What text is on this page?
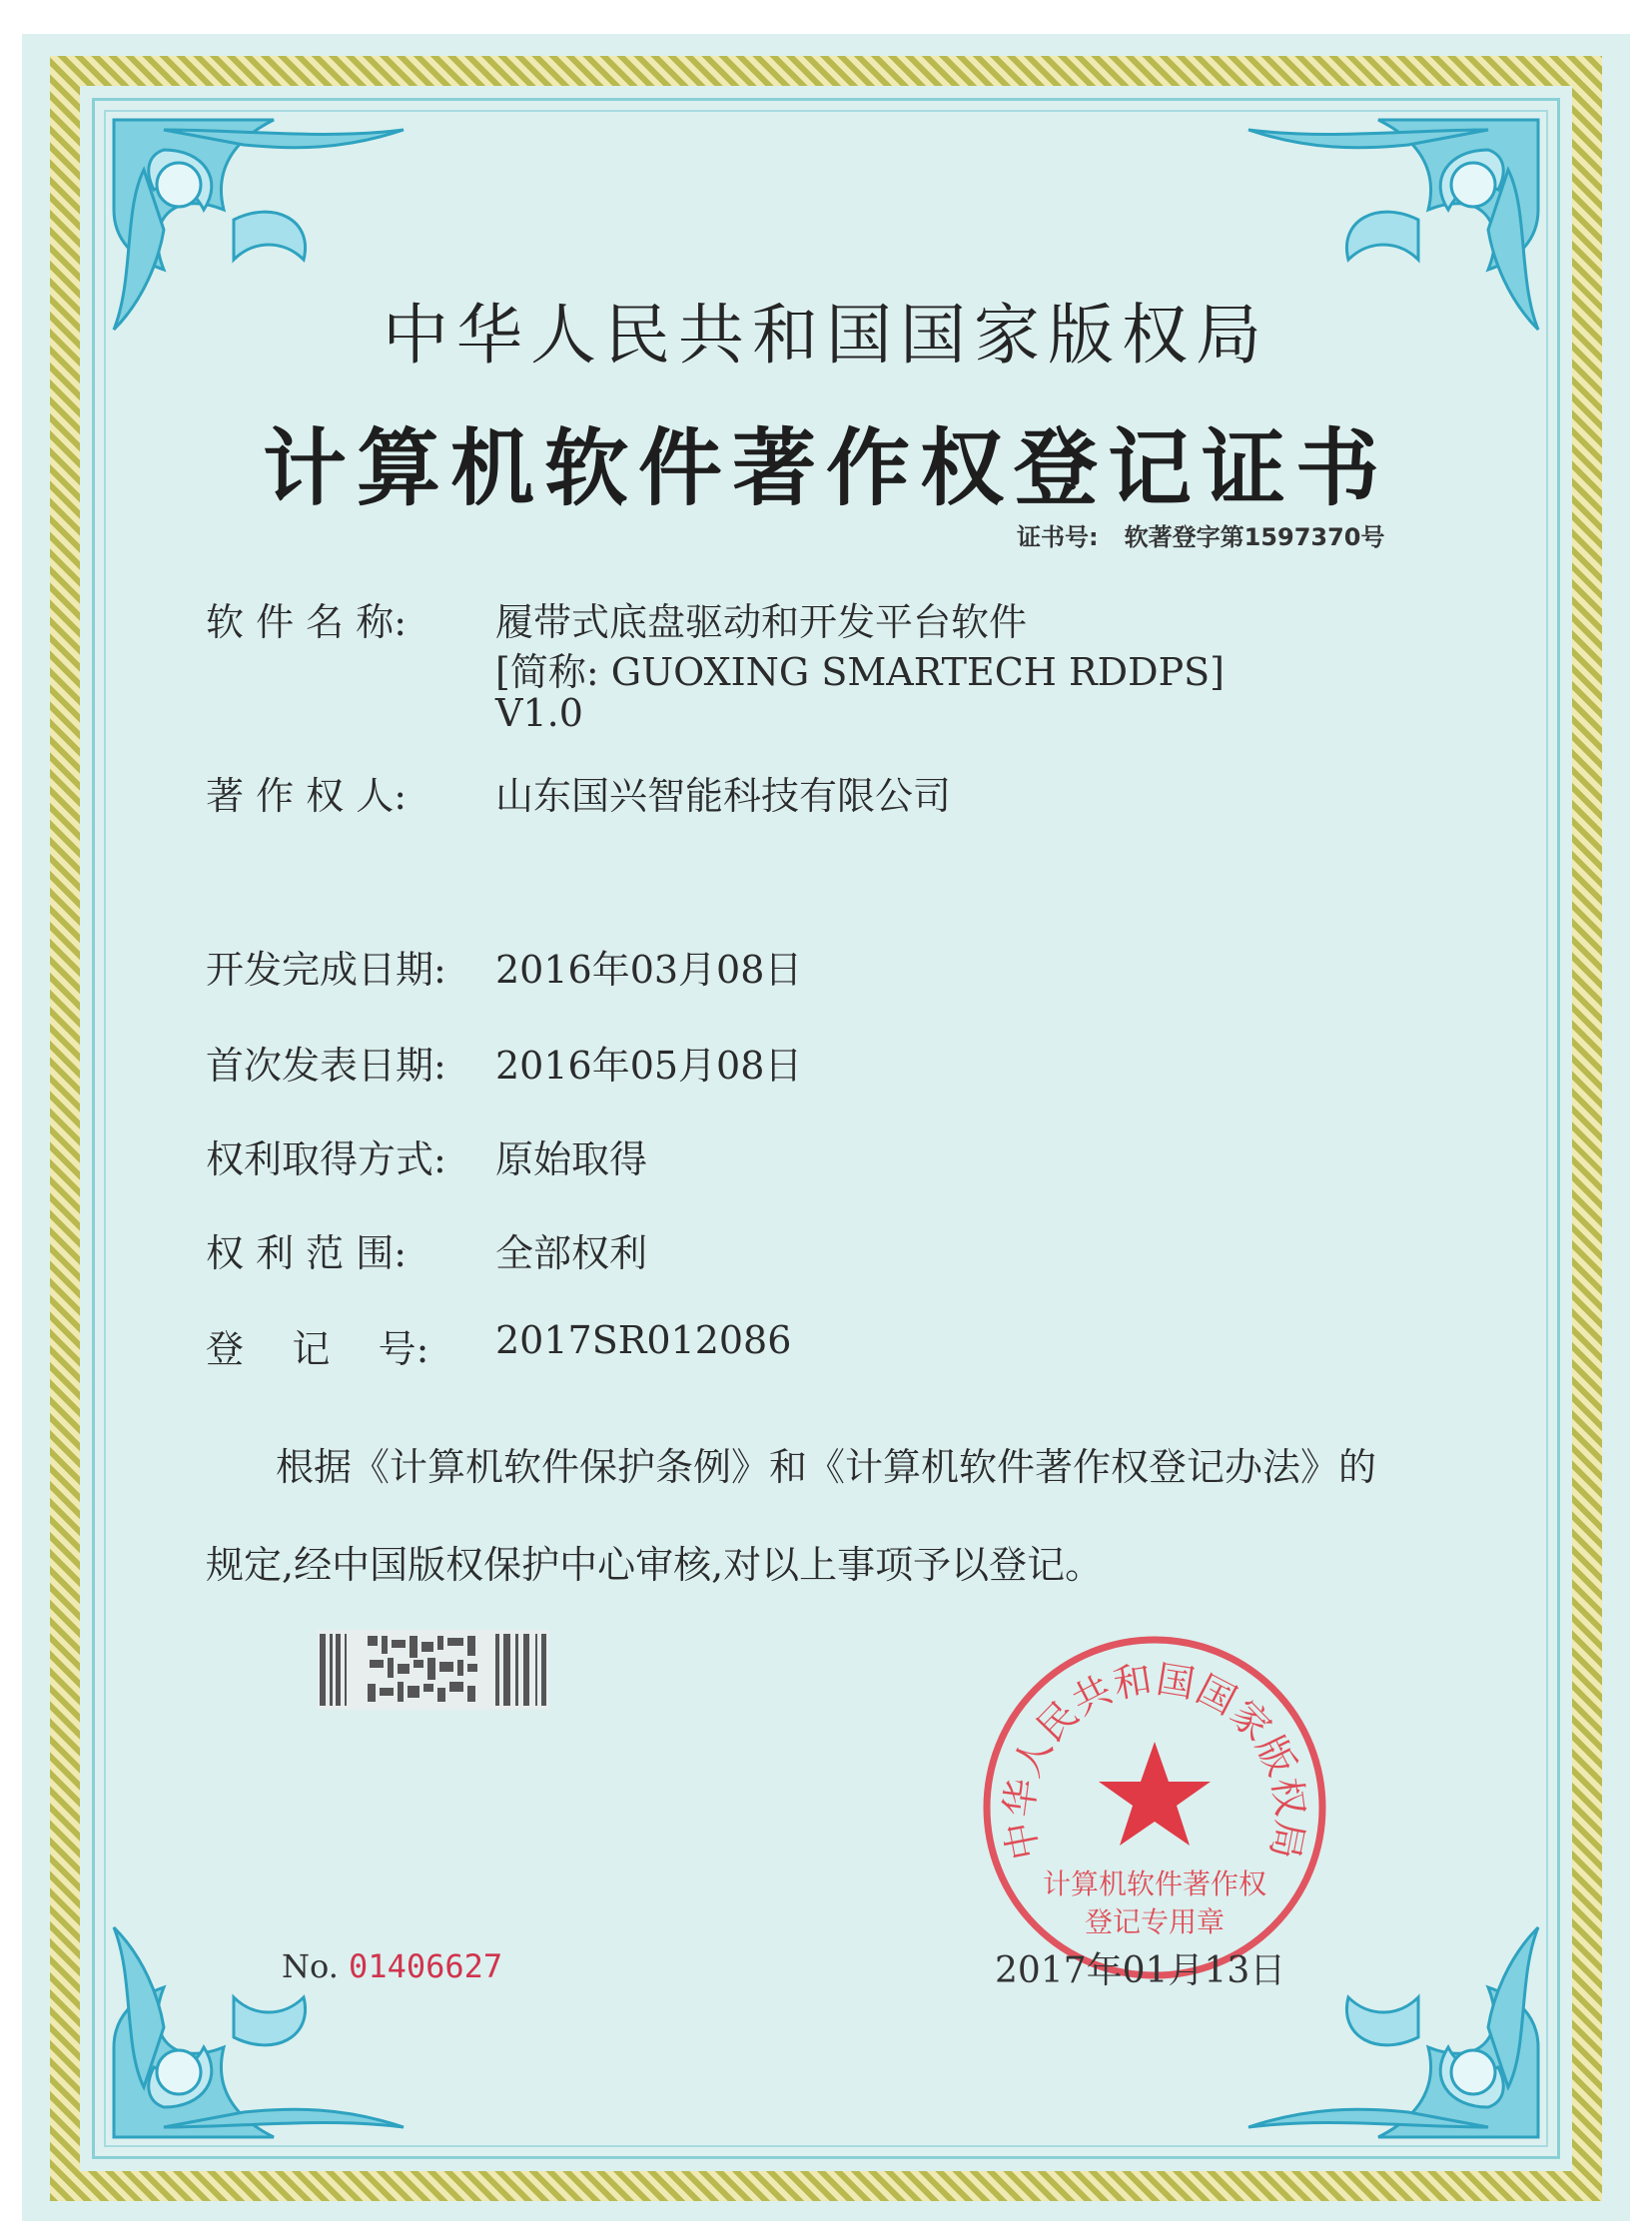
中华人民共和国国家版权局
计算机软件著作权登记证书
证书号: 软著登字第1597370号
软 件 名 称:	履带式底盘驱动和开发平台软件
[简称: GUOXING SMARTECH RDDPS]
V1.0
著 作 权 人:	山东国兴智能科技有限公司
开发完成日期: 2016年03月08日
首次发表日期: 2016年05月08日
权利取得方式: 原始取得
权 利 范 围:	全部权利
登    记    号:	2017SR012086
根据《计算机软件保护条例》和《计算机软件著作权登记办法》的
规定,经中国版权保护中心审核,对以上事项予以登记。
中华人民共和国国家版权局
计算机软件著作权
登记专用章
No. 01406627	2017年01月13日
